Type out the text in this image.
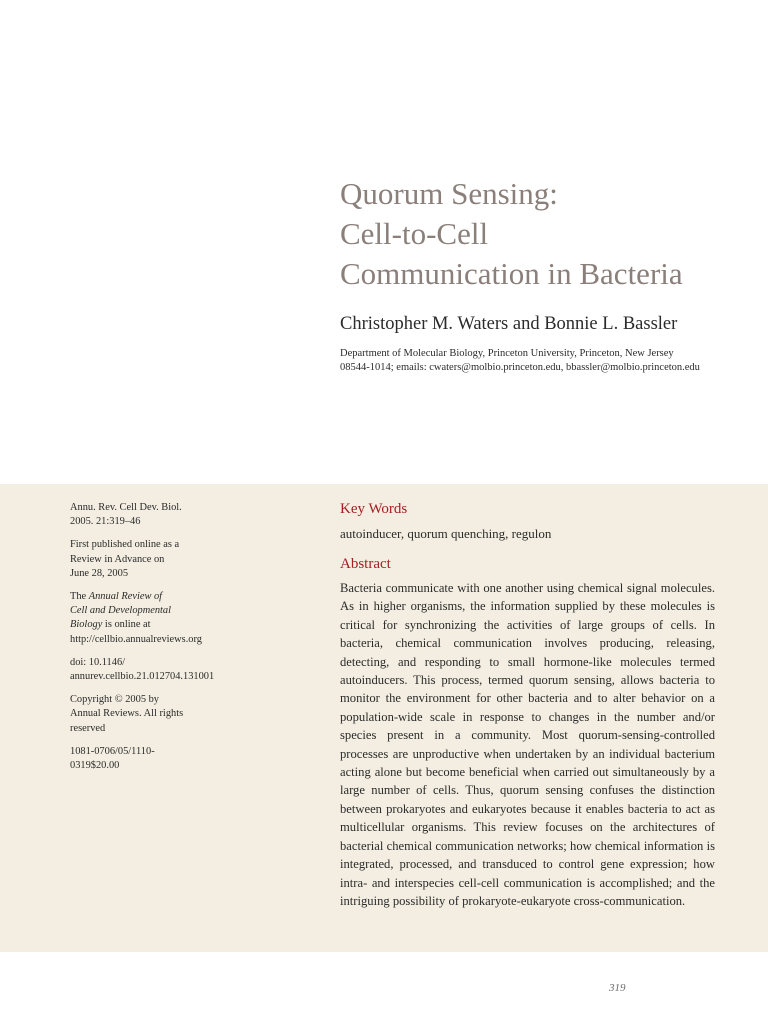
Quorum Sensing:
Cell-to-Cell
Communication in Bacteria
Christopher M. Waters and Bonnie L. Bassler
Department of Molecular Biology, Princeton University, Princeton, New Jersey
08544-1014; emails: cwaters@molbio.princeton.edu, bbassler@molbio.princeton.edu
Annu. Rev. Cell Dev. Biol.
2005. 21:319–46
First published online as a
Review in Advance on
June 28, 2005
The Annual Review of
Cell and Developmental
Biology is online at
http://cellbio.annualreviews.org
doi: 10.1146/
annurev.cellbio.21.012704.131001
Copyright © 2005 by
Annual Reviews. All rights
reserved
1081-0706/05/1110-
0319$20.00
Key Words
autoinducer, quorum quenching, regulon
Abstract
Bacteria communicate with one another using chemical signal molecules. As in higher organisms, the information supplied by these molecules is critical for synchronizing the activities of large groups of cells. In bacteria, chemical communication involves producing, releasing, detecting, and responding to small hormone-like molecules termed autoinducers. This process, termed quorum sensing, allows bacteria to monitor the environment for other bacteria and to alter behavior on a population-wide scale in response to changes in the number and/or species present in a community. Most quorum-sensing-controlled processes are unproductive when undertaken by an individual bacterium acting alone but become beneficial when carried out simultaneously by a large number of cells. Thus, quorum sensing confuses the distinction between prokaryotes and eukaryotes because it enables bacteria to act as multicellular organisms. This review focuses on the architectures of bacterial chemical communication networks; how chemical information is integrated, processed, and transduced to control gene expression; how intra- and interspecies cell-cell communication is accomplished; and the intriguing possibility of prokaryote-eukaryote cross-communication.
319
